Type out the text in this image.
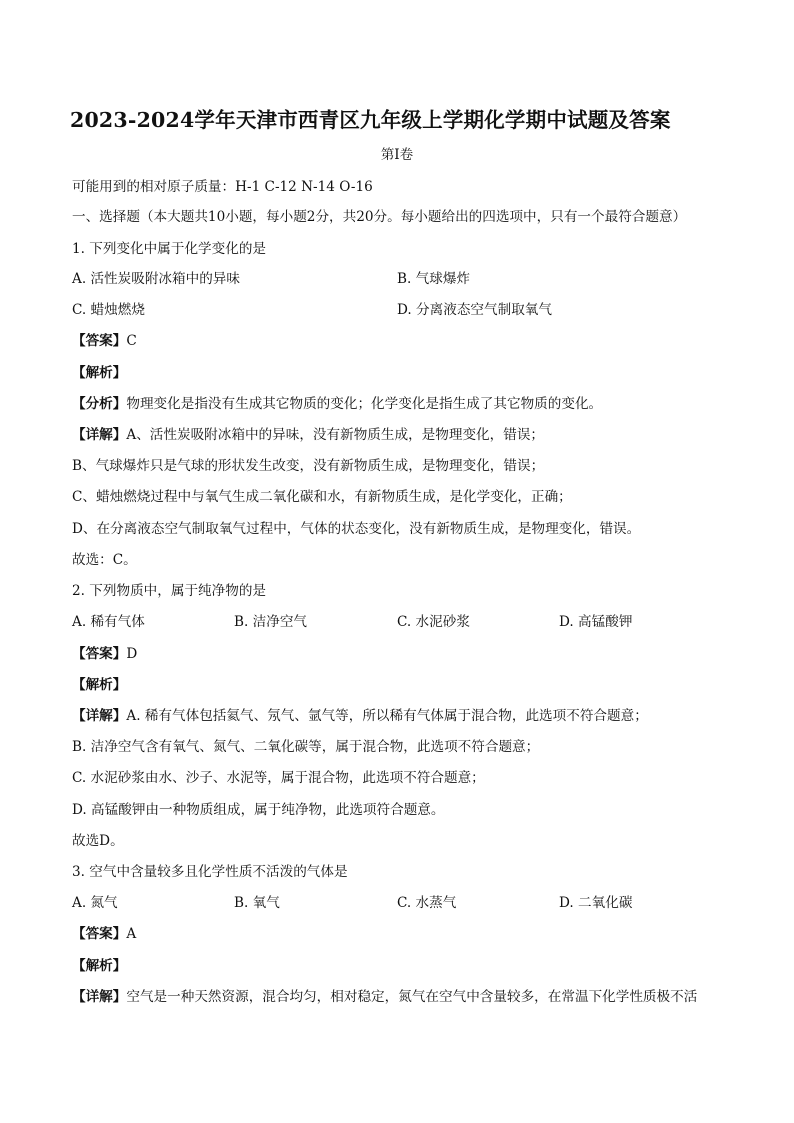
2023-2024学年天津市西青区九年级上学期化学期中试题及答案
第I卷
可能用到的相对原子质量：H-1 C-12 N-14 O-16
一、选择题（本大题共10小题，每小题2分，共20分。每小题给出的四选项中，只有一个最符合题意）
1. 下列变化中属于化学变化的是
A. 活性炭吸附冰箱中的异味	B. 气球爆炸
C. 蜡烛燃烧	D. 分离液态空气制取氧气
【答案】C
【解析】
【分析】物理变化是指没有生成其它物质的变化；化学变化是指生成了其它物质的变化。
【详解】A、活性炭吸附冰箱中的异味，没有新物质生成，是物理变化，错误；
B、气球爆炸只是气球的形状发生改变，没有新物质生成，是物理变化，错误；
C、蜡烛燃烧过程中与氧气生成二氧化碳和水，有新物质生成，是化学变化，正确；
D、在分离液态空气制取氧气过程中，气体的状态变化，没有新物质生成，是物理变化，错误。
故选：C。
2. 下列物质中，属于纯净物的是
A. 稀有气体	B. 洁净空气	C. 水泥砂浆	D. 高锰酸钾
【答案】D
【解析】
【详解】A. 稀有气体包括氦气、氖气、氩气等，所以稀有气体属于混合物，此选项不符合题意；
B. 洁净空气含有氧气、氮气、二氧化碳等，属于混合物，此选项不符合题意；
C. 水泥砂浆由水、沙子、水泥等，属于混合物，此选项不符合题意；
D. 高锰酸钾由一种物质组成，属于纯净物，此选项符合题意。
故选D。
3. 空气中含量较多且化学性质不活泼的气体是
A. 氮气	B. 氧气	C. 水蒸气	D. 二氧化碳
【答案】A
【解析】
【详解】空气是一种天然资源，混合均匀，相对稳定，氮气在空气中含量较多，在常温下化学性质极不活
